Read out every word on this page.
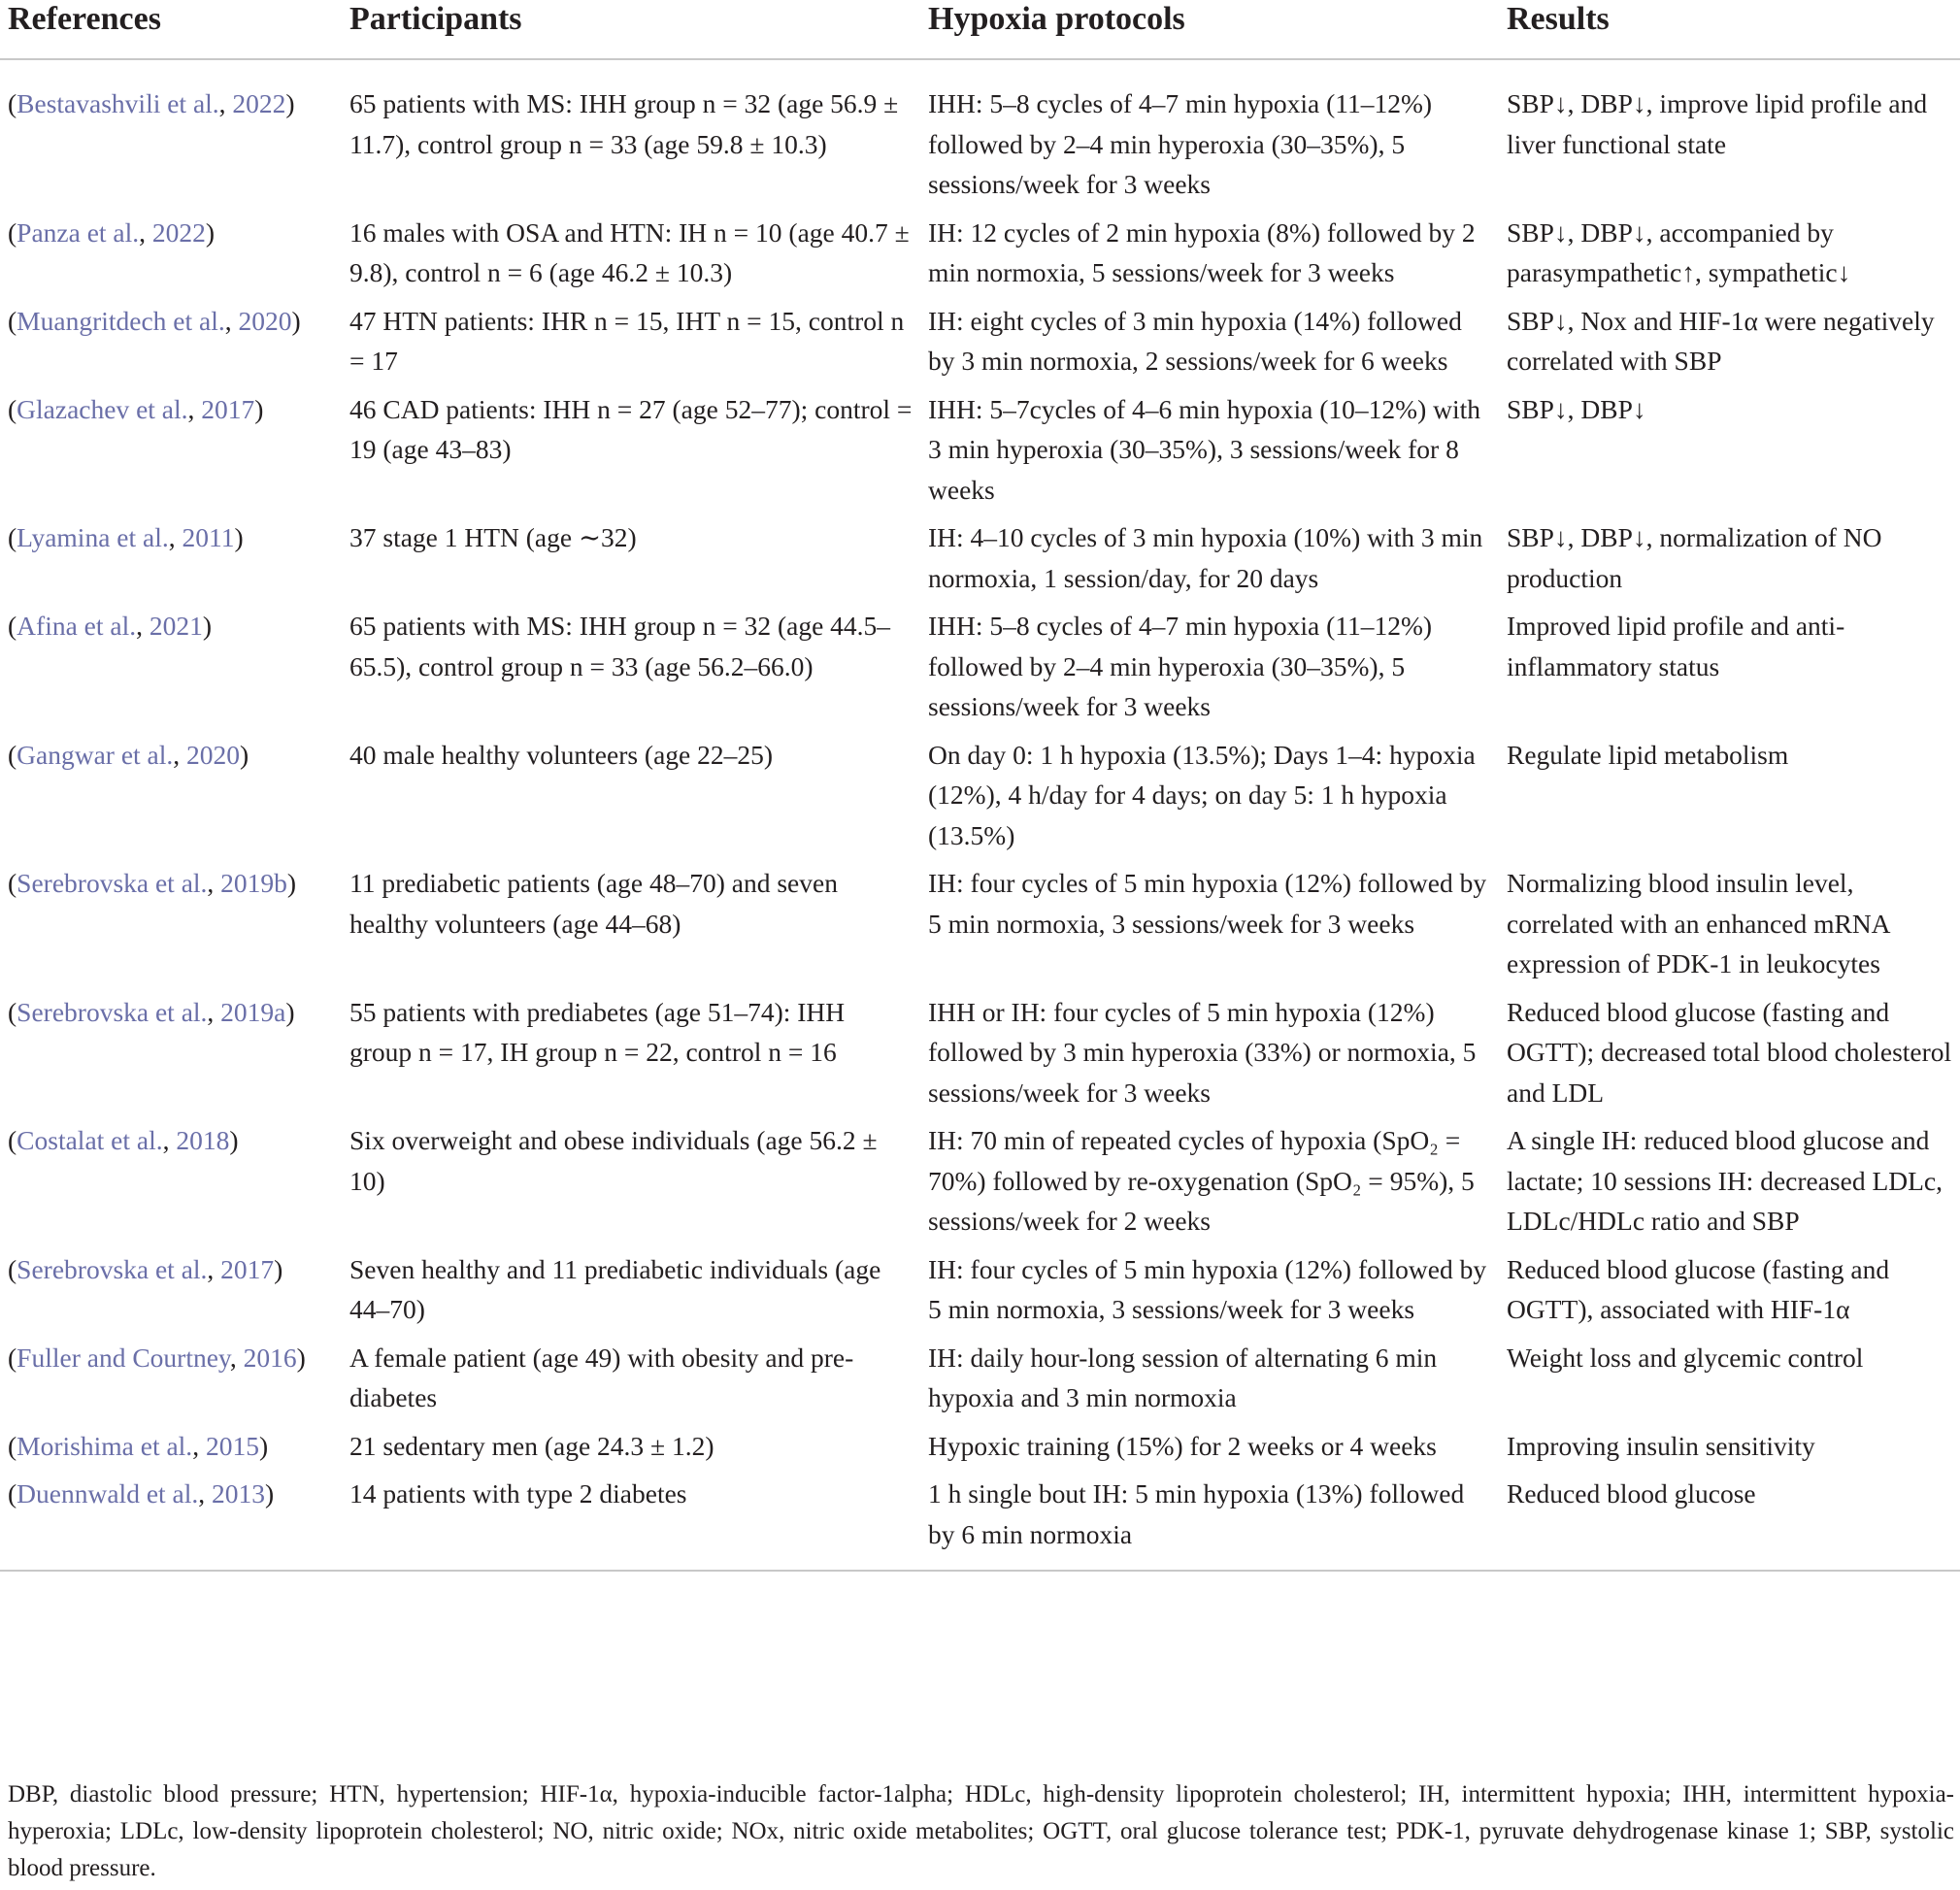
References	Participants	Hypoxia protocols	Results
(Bestavashvili et al., 2022)	65 patients with MS: IHH group n = 32 (age 56.9 ± 11.7), control group n = 33 (age 59.8 ± 10.3)	IHH: 5–8 cycles of 4–7 min hypoxia (11–12%) followed by 2–4 min hyperoxia (30–35%), 5 sessions/week for 3 weeks	SBP↓, DBP↓, improve lipid profile and liver functional state
(Panza et al., 2022)	16 males with OSA and HTN: IH n = 10 (age 40.7 ± 9.8), control n = 6 (age 46.2 ± 10.3)	IH: 12 cycles of 2 min hypoxia (8%) followed by 2 min normoxia, 5 sessions/week for 3 weeks	SBP↓, DBP↓, accompanied by parasympathetic↑, sympathetic↓
(Muangritdech et al., 2020)	47 HTN patients: IHR n = 15, IHT n = 15, control n = 17	IH: eight cycles of 3 min hypoxia (14%) followed by 3 min normoxia, 2 sessions/week for 6 weeks	SBP↓, Nox and HIF-1α were negatively correlated with SBP
(Glazachev et al., 2017)	46 CAD patients: IHH n = 27 (age 52–77); control = 19 (age 43–83)	IHH: 5–7cycles of 4–6 min hypoxia (10–12%) with 3 min hyperoxia (30–35%), 3 sessions/week for 8 weeks	SBP↓, DBP↓
(Lyamina et al., 2011)	37 stage 1 HTN (age ∼32)	IH: 4–10 cycles of 3 min hypoxia (10%) with 3 min normoxia, 1 session/day, for 20 days	SBP↓, DBP↓, normalization of NO production
(Afina et al., 2021)	65 patients with MS: IHH group n = 32 (age 44.5–65.5), control group n = 33 (age 56.2–66.0)	IHH: 5–8 cycles of 4–7 min hypoxia (11–12%) followed by 2–4 min hyperoxia (30–35%), 5 sessions/week for 3 weeks	Improved lipid profile and anti-inflammatory status
(Gangwar et al., 2020)	40 male healthy volunteers (age 22–25)	On day 0: 1 h hypoxia (13.5%); Days 1–4: hypoxia (12%), 4 h/day for 4 days; on day 5: 1 h hypoxia (13.5%)	Regulate lipid metabolism
(Serebrovska et al., 2019b)	11 prediabetic patients (age 48–70) and seven healthy volunteers (age 44–68)	IH: four cycles of 5 min hypoxia (12%) followed by 5 min normoxia, 3 sessions/week for 3 weeks	Normalizing blood insulin level, correlated with an enhanced mRNA expression of PDK-1 in leukocytes
(Serebrovska et al., 2019a)	55 patients with prediabetes (age 51–74): IHH group n = 17, IH group n = 22, control n = 16	IHH or IH: four cycles of 5 min hypoxia (12%) followed by 3 min hyperoxia (33%) or normoxia, 5 sessions/week for 3 weeks	Reduced blood glucose (fasting and OGTT); decreased total blood cholesterol and LDL
(Costalat et al., 2018)	Six overweight and obese individuals (age 56.2 ± 10)	IH: 70 min of repeated cycles of hypoxia (SpO₂ = 70%) followed by re-oxygenation (SpO₂ = 95%), 5 sessions/week for 2 weeks	A single IH: reduced blood glucose and lactate; 10 sessions IH: decreased LDLc, LDLc/HDLc ratio and SBP
(Serebrovska et al., 2017)	Seven healthy and 11 prediabetic individuals (age 44–70)	IH: four cycles of 5 min hypoxia (12%) followed by 5 min normoxia, 3 sessions/week for 3 weeks	Reduced blood glucose (fasting and OGTT), associated with HIF-1α
(Fuller and Courtney, 2016)	A female patient (age 49) with obesity and pre-diabetes	IH: daily hour-long session of alternating 6 min hypoxia and 3 min normoxia	Weight loss and glycemic control
(Morishima et al., 2015)	21 sedentary men (age 24.3 ± 1.2)	Hypoxic training (15%) for 2 weeks or 4 weeks	Improving insulin sensitivity
(Duennwald et al., 2013)	14 patients with type 2 diabetes	1 h single bout IH: 5 min hypoxia (13%) followed by 6 min normoxia	Reduced blood glucose
DBP, diastolic blood pressure; HTN, hypertension; HIF-1α, hypoxia-inducible factor-1alpha; HDLc, high-density lipoprotein cholesterol; IH, intermittent hypoxia; IHH, intermittent hypoxia-hyperoxia; LDLc, low-density lipoprotein cholesterol; NO, nitric oxide; NOx, nitric oxide metabolites; OGTT, oral glucose tolerance test; PDK-1, pyruvate dehydrogenase kinase 1; SBP, systolic blood pressure.
